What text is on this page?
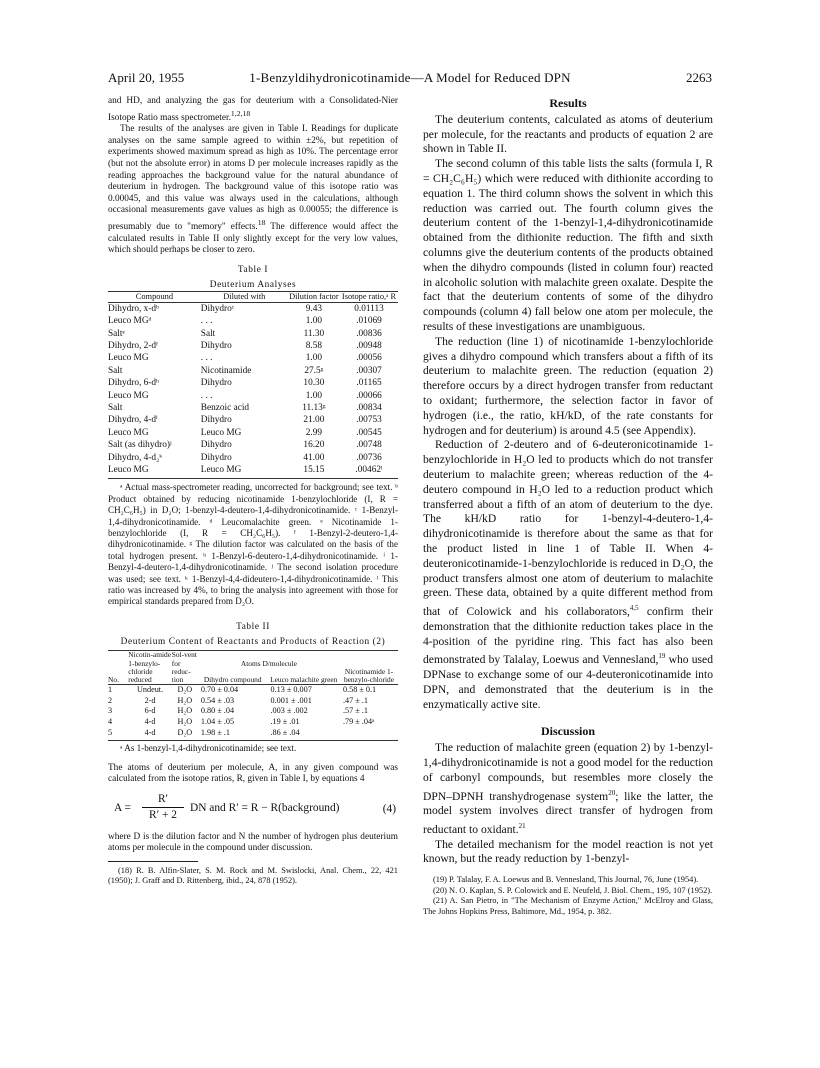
April 20, 1955	1-Benzyldihydronicotinamide—A Model for Reduced DPN	2263

and HD, and analyzing the gas for deuterium with a Consolidated-Nier Isotope Ratio mass spectrometer.$^{1,2,18}$

The results of the analyses are given in Table I. Readings for duplicate analyses on the same sample agreed to within ±2%, but repetition of experiments showed maximum spread as high as 10%. The percentage error (but not the absolute error) in atoms D per molecule increases rapidly as the reading approaches the background value for the natural abundance of deuterium in hydrogen. The background value of this isotope ratio was 0.00045, and this value was always used in the calculations, although occasional measurements gave values as high as 0.00055; the difference is presumably due to "memory" effects.$^{18}$ The difference would affect the calculated results in Table II only slightly except for the very low values, which should perhaps be closer to zero.

Table I
Deuterium Analyses
Compound	Diluted with	Dilution factor	Isotope ratio,ᵃ R
Dihydro, x-dᵇ	Dihydroᶜ	9.43	0.01113
Leuco MGᵈ	. . .	1.00	.01069
Saltᵉ	Salt	11.30	.00836
Dihydro, 2-dᶠ	Dihydro	8.58	.00948
Leuco MG	. . .	1.00	.00056
Salt	Nicotinamide	27.5ᵍ	.00307
Dihydro, 6-dʰ	Dihydro	10.30	.01165
Leuco MG	. . .	1.00	.00066
Salt	Benzoic acid	11.13ᵍ	.00834
Dihydro, 4-dⁱ	Dihydro	21.00	.00753
Leuco MG	Leuco MG	2.99	.00545
Salt (as dihydro)ʲ	Dihydro	16.20	.00748
Dihydro, 4-d₂ᵏ	Dihydro	41.00	.00736
Leuco MG	Leuco MG	15.15	.00462ˡ

ᵃ Actual mass-spectrometer reading, uncorrected for background; see text. ᵇ Product obtained by reducing nicotinamide 1-benzylochloride (I, R = CH₂C₆H₅) in D₂O; 1-benzyl-4-deutero-1,4-dihydronicotinamide. ᶜ 1-Benzyl-1,4-dihydronicotinamide. ᵈ Leucomalachite green. ᵉ Nicotinamide 1-benzylochloride (I, R = CH₂C₆H₅). ᶠ 1-Benzyl-2-deutero-1,4-dihydronicotinamide. ᵍ The dilution factor was calculated on the basis of the total hydrogen present. ʰ 1-Benzyl-6-deutero-1,4-dihydronicotinamide. ⁱ 1-Benzyl-4-deutero-1,4-dihydronicotinamide. ʲ The second isolation procedure was used; see text. ᵏ 1-Benzyl-4,4-dideutero-1,4-dihydronicotinamide. ˡ This ratio was increased by 4%, to bring the analysis into agreement with those for empirical standards prepared from D₂O.

Table II
Deuterium Content of Reactants and Products of Reaction (2)
No.	Nicotin-amide 1-benzylo-chloride reduced	Sol-vent for reduc-tion	Atoms D/molecule		Nicotinamide 1-benzylo-chloride
			Dihydro compound	Leuco malachite green	
1	Undeut.	D₂O	0.70 ± 0.04	0.13 ± 0.007	0.58 ± 0.1
2	2-d	H₂O	0.54 ± .03	0.001 ± .001	.47 ± .1
3	6-d	H₂O	0.80 ± .04	.003 ± .002	.57 ± .1
4	4-d	H₂O	1.04 ± .05	.19 ± .01	.79 ± .04ᵃ
5	4-d	D₂O	1.98 ± .1	.86 ± .04	

ᵃ As 1-benzyl-1,4-dihydronicotinamide; see text.

The atoms of deuterium per molecule, A, in any given compound was calculated from the isotope ratios, R, given in Table I, by equations 4

A =
R′
R′ + 2
DN and R′ = R − R(background)	(4)

where D is the dilution factor and N the number of hydrogen plus deuterium atoms per molecule in the compound under discussion.

(18) R. B. Alfin-Slater, S. M. Rock and M. Swislocki, Anal. Chem., 22, 421 (1950); J. Graff and D. Rittenberg, ibid., 24, 878 (1952).

Results

The deuterium contents, calculated as atoms of deuterium per molecule, for the reactants and products of equation 2 are shown in Table II.

The second column of this table lists the salts (formula I, R = CH₂C₆H₅) which were reduced with dithionite according to equation 1. The third column shows the solvent in which this reduction was carried out. The fourth column gives the deuterium content of the 1-benzyl-1,4-dihydronicotinamide obtained from the dithionite reduction. The fifth and sixth columns give the deuterium contents of the products obtained when the dihydro compounds (listed in column four) reacted in alcoholic solution with malachite green oxalate. Despite the fact that the deuterium contents of some of the dihydro compounds (column 4) fall below one atom per molecule, the results of these investigations are unambiguous.

The reduction (line 1) of nicotinamide 1-benzylochloride gives a dihydro compound which transfers about a fifth of its deuterium to malachite green. The reduction (equation 2) therefore occurs by a direct hydrogen transfer from reductant to oxidant; furthermore, the selection factor in favor of hydrogen (i.e., the ratio, kH/kD, of the rate constants for hydrogen and for deuterium) is around 4.5 (see Appendix).

Reduction of 2-deutero and of 6-deuteronicotinamide 1-benzylochloride in H₂O led to products which do not transfer deuterium to malachite green; whereas reduction of the 4-deutero compound in H₂O led to a reduction product which transferred about a fifth of an atom of deuterium to the dye. The kH/kD ratio for 1-benzyl-4-deutero-1,4-dihydronicotinamide is therefore about the same as that for the product listed in line 1 of Table II. When 4-deuteronicotinamide-1-benzylochloride is reduced in D₂O, the product transfers almost one atom of deuterium to malachite green. These data, obtained by a quite different method from that of Colowick and his collaborators,$^{4,5}$ confirm their demonstration that the dithionite reduction takes place in the 4-position of the pyridine ring. This fact has also been demonstrated by Talalay, Loewus and Vennesland,$^{19}$ who used DPNase to exchange some of our 4-deuteronicotinamide into DPN, and demonstrated that the deuterium is in the enzymatically active site.

Discussion

The reduction of malachite green (equation 2) by 1-benzyl-1,4-dihydronicotinamide is not a good model for the reduction of carbonyl compounds, but resembles more closely the DPN–DPNH transhydrogenase system$^{20}$; like the latter, the model system involves direct transfer of hydrogen from reductant to oxidant.$^{21}$

The detailed mechanism for the model reaction is not yet known, but the ready reduction by 1-benzyl-

(19) P. Talalay, F. A. Loewus and B. Vennesland, This Journal, 76, June (1954).

(20) N. O. Kaplan, S. P. Colowick and E. Neufeld, J. Biol. Chem., 195, 107 (1952).

(21) A. San Pietro, in "The Mechanism of Enzyme Action," McElroy and Glass, The Johns Hopkins Press, Baltimore, Md., 1954, p. 382.
